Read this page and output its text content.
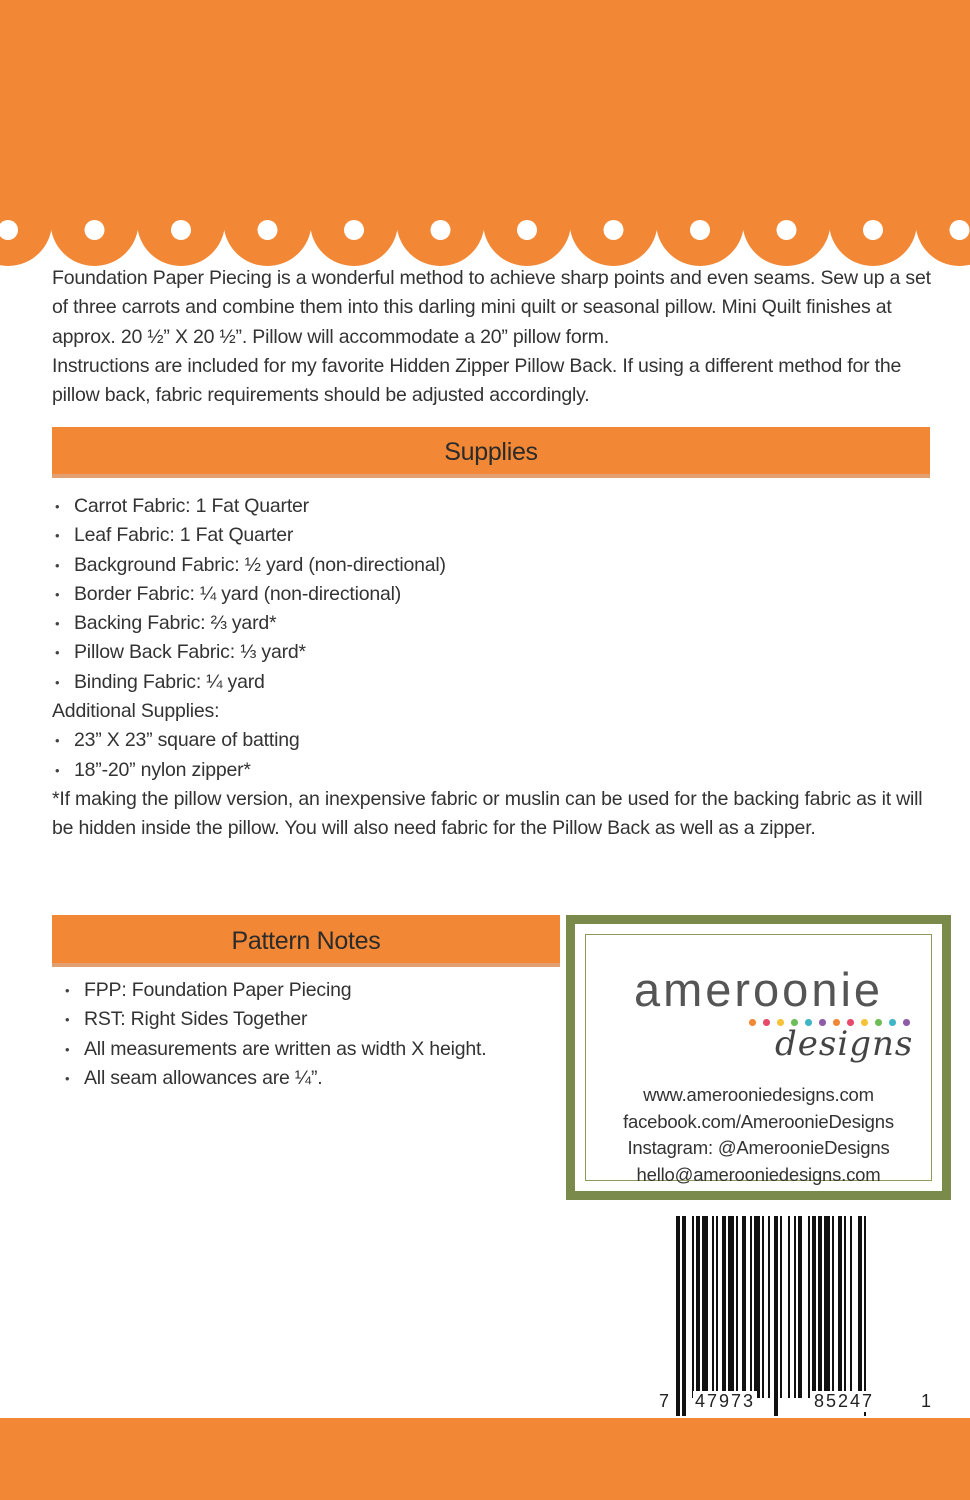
Foundation Paper Piecing is a wonderful method to achieve sharp points and even seams. Sew up a set

of three carrots and combine them into this darling mini quilt or seasonal pillow. Mini Quilt finishes at

approx. 20 ½” X 20 ½”. Pillow will accommodate a 20” pillow form.

Instructions are included for my favorite Hidden Zipper Pillow Back. If using a different method for the

pillow back, fabric requirements should be adjusted accordingly.

Supplies
• Carrot Fabric: 1 Fat Quarter
• Leaf Fabric: 1 Fat Quarter
• Background Fabric: ½ yard (non-directional)
• Border Fabric: ¼ yard (non-directional)
• Backing Fabric: ⅔ yard*
• Pillow Back Fabric: ⅓ yard*
• Binding Fabric: ¼ yard

Additional Supplies:

• 23” X 23” square of batting
• 18”-20” nylon zipper*

*If making the pillow version, an inexpensive fabric or muslin can be used for the backing fabric as it will

be hidden inside the pillow. You will also need fabric for the Pillow Back as well as a zipper.

Pattern Notes
• FPP: Foundation Paper Piecing
• RST: Right Sides Together
• All measurements are written as width X height.
• All seam allowances are ¼”.
ameroonie
designs
www.amerooniedesigns.com
facebook.com/AmeroonieDesigns
Instagram: @AmeroonieDesigns
hello@amerooniedesigns.com
7 47973	85247	1
